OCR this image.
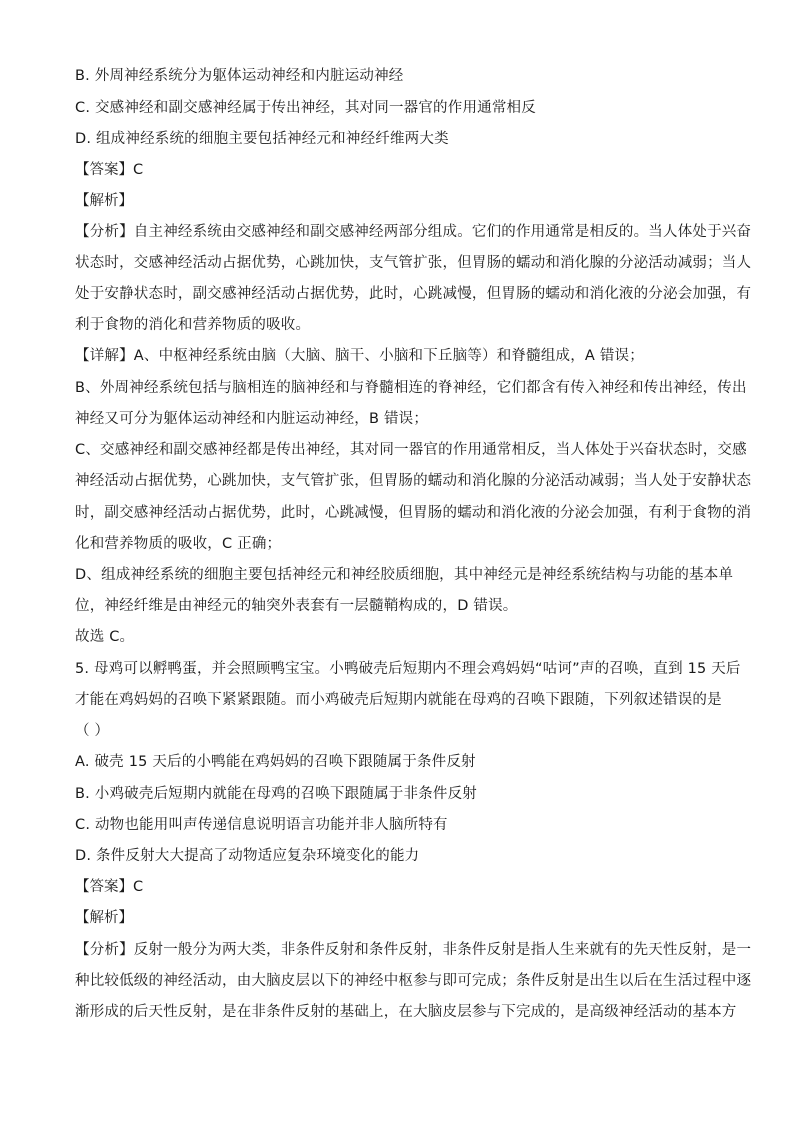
B. 外周神经系统分为躯体运动神经和内脏运动神经
C. 交感神经和副交感神经属于传出神经，其对同一器官的作用通常相反
D. 组成神经系统的细胞主要包括神经元和神经纤维两大类
【答案】C
【解析】
【分析】自主神经系统由交感神经和副交感神经两部分组成。它们的作用通常是相反的。当人体处于兴奋
状态时，交感神经活动占据优势，心跳加快，支气管扩张，但胃肠的蠕动和消化腺的分泌活动减弱；当人
处于安静状态时，副交感神经活动占据优势，此时，心跳减慢，但胃肠的蠕动和消化液的分泌会加强，有
利于食物的消化和营养物质的吸收。
【详解】A、中枢神经系统由脑（大脑、脑干、小脑和下丘脑等）和脊髓组成，A 错误；
B、外周神经系统包括与脑相连的脑神经和与脊髓相连的脊神经，它们都含有传入神经和传出神经，传出
神经又可分为躯体运动神经和内脏运动神经，B 错误；
C、交感神经和副交感神经都是传出神经，其对同一器官的作用通常相反，当人体处于兴奋状态时，交感
神经活动占据优势，心跳加快，支气管扩张，但胃肠的蠕动和消化腺的分泌活动减弱；当人处于安静状态
时，副交感神经活动占据优势，此时，心跳减慢，但胃肠的蠕动和消化液的分泌会加强，有利于食物的消
化和营养物质的吸收，C 正确；
D、组成神经系统的细胞主要包括神经元和神经胶质细胞，其中神经元是神经系统结构与功能的基本单
位，神经纤维是由神经元的轴突外表套有一层髓鞘构成的，D 错误。
故选 C。
5. 母鸡可以孵鸭蛋，并会照顾鸭宝宝。小鸭破壳后短期内不理会鸡妈妈“咕诃”声的召唤，直到 15 天后
才能在鸡妈妈的召唤下紧紧跟随。而小鸡破壳后短期内就能在母鸡的召唤下跟随，下列叙述错误的是
（ ）
A. 破壳 15 天后的小鸭能在鸡妈妈的召唤下跟随属于条件反射
B. 小鸡破壳后短期内就能在母鸡的召唤下跟随属于非条件反射
C. 动物也能用叫声传递信息说明语言功能并非人脑所特有
D. 条件反射大大提高了动物适应复杂环境变化的能力
【答案】C
【解析】
【分析】反射一般分为两大类，非条件反射和条件反射，非条件反射是指人生来就有的先天性反射，是一
种比较低级的神经活动，由大脑皮层以下的神经中枢参与即可完成；条件反射是出生以后在生活过程中逐
渐形成的后天性反射，是在非条件反射的基础上，在大脑皮层参与下完成的，是高级神经活动的基本方
